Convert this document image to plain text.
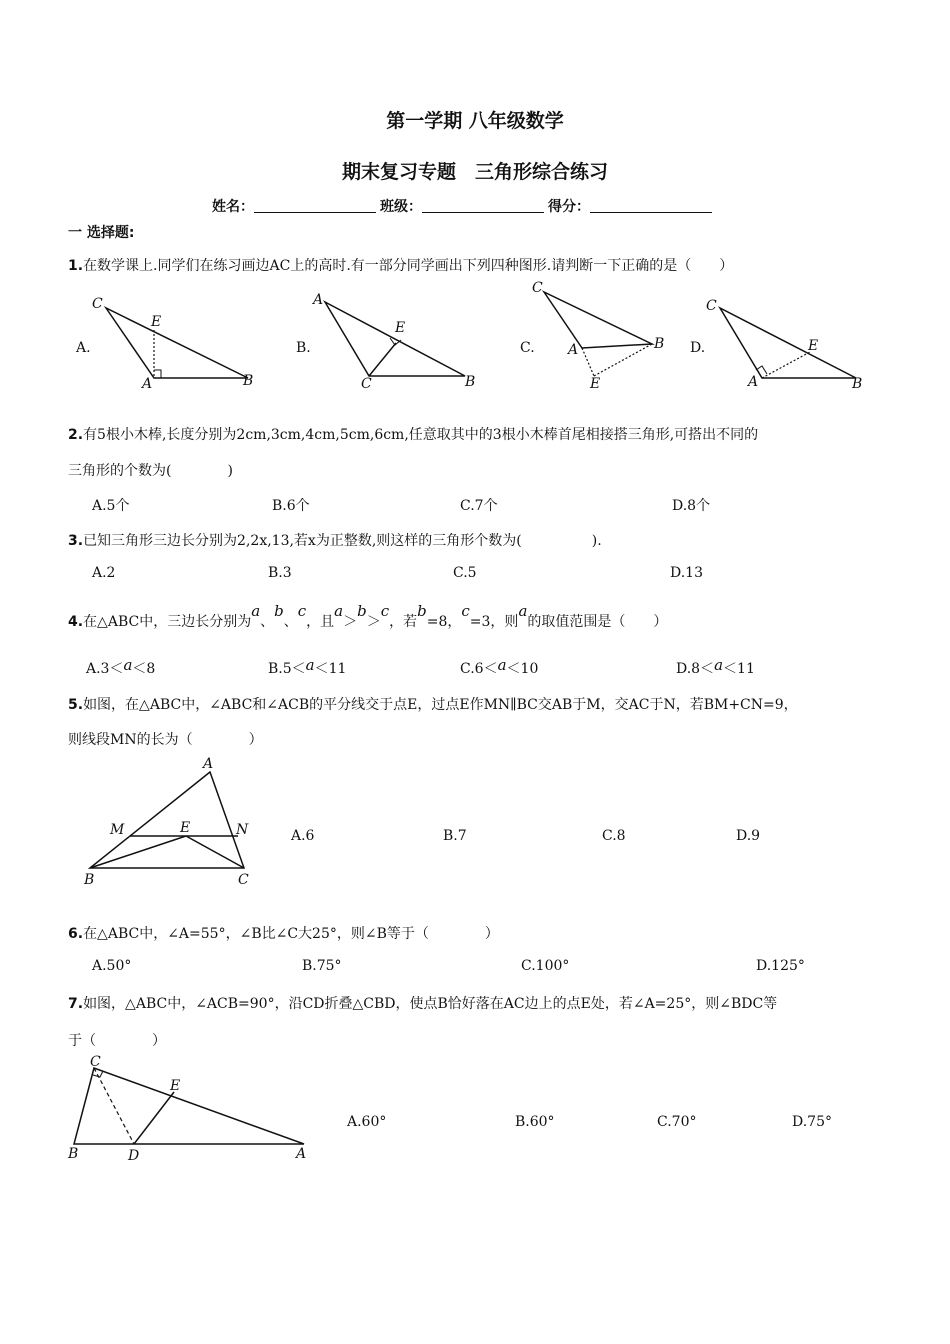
第一学期 八年级数学
期末复习专题　三角形综合练习
姓名：	班级：	得分：
一 选择题:
1.在数学课上.同学们在练习画边AC上的高时.有一部分同学画出下列四种图形.请判断一下正确的是（　　）
A.
C
E
A	B
B.
A
E
C	B
C.
C
A	B
E
D.
C
E
A	B
2.有5根小木棒,长度分别为2cm,3cm,4cm,5cm,6cm,任意取其中的3根小木棒首尾相接搭三角形,可搭出不同的
三角形的个数为(　　　　)
A.5个	B.6个	C.7个	D.8个
3.已知三角形三边长分别为2,2x,13,若x为正整数,则这样的三角形个数为(　　　　　).
A.2	B.3	C.5	D.13
4.在△ABC中，三边长分别为a、b、c，且a＞b＞c，若b=8，c=3，则a的取值范围是（　　）
A.3＜a＜8	B.5＜a＜11	C.6＜a＜10	D.8＜a＜11
5.如图，在△ABC中，∠ABC和∠ACB的平分线交于点E，过点E作MN∥BC交AB于M，交AC于N，若BM+CN=9，
则线段MN的长为（　　　　）
A
M	E	N
B	C
A.6	B.7	C.8	D.9
6.在△ABC中，∠A=55°，∠B比∠C大25°，则∠B等于（　　　　）
A.50°	B.75°	C.100°	D.125°
7.如图，△ABC中，∠ACB=90°，沿CD折叠△CBD，使点B恰好落在AC边上的点E处，若∠A=25°，则∠BDC等
于（　　　　）
C
E
B	D	A
A.60°	B.60°	C.70°	D.75°
